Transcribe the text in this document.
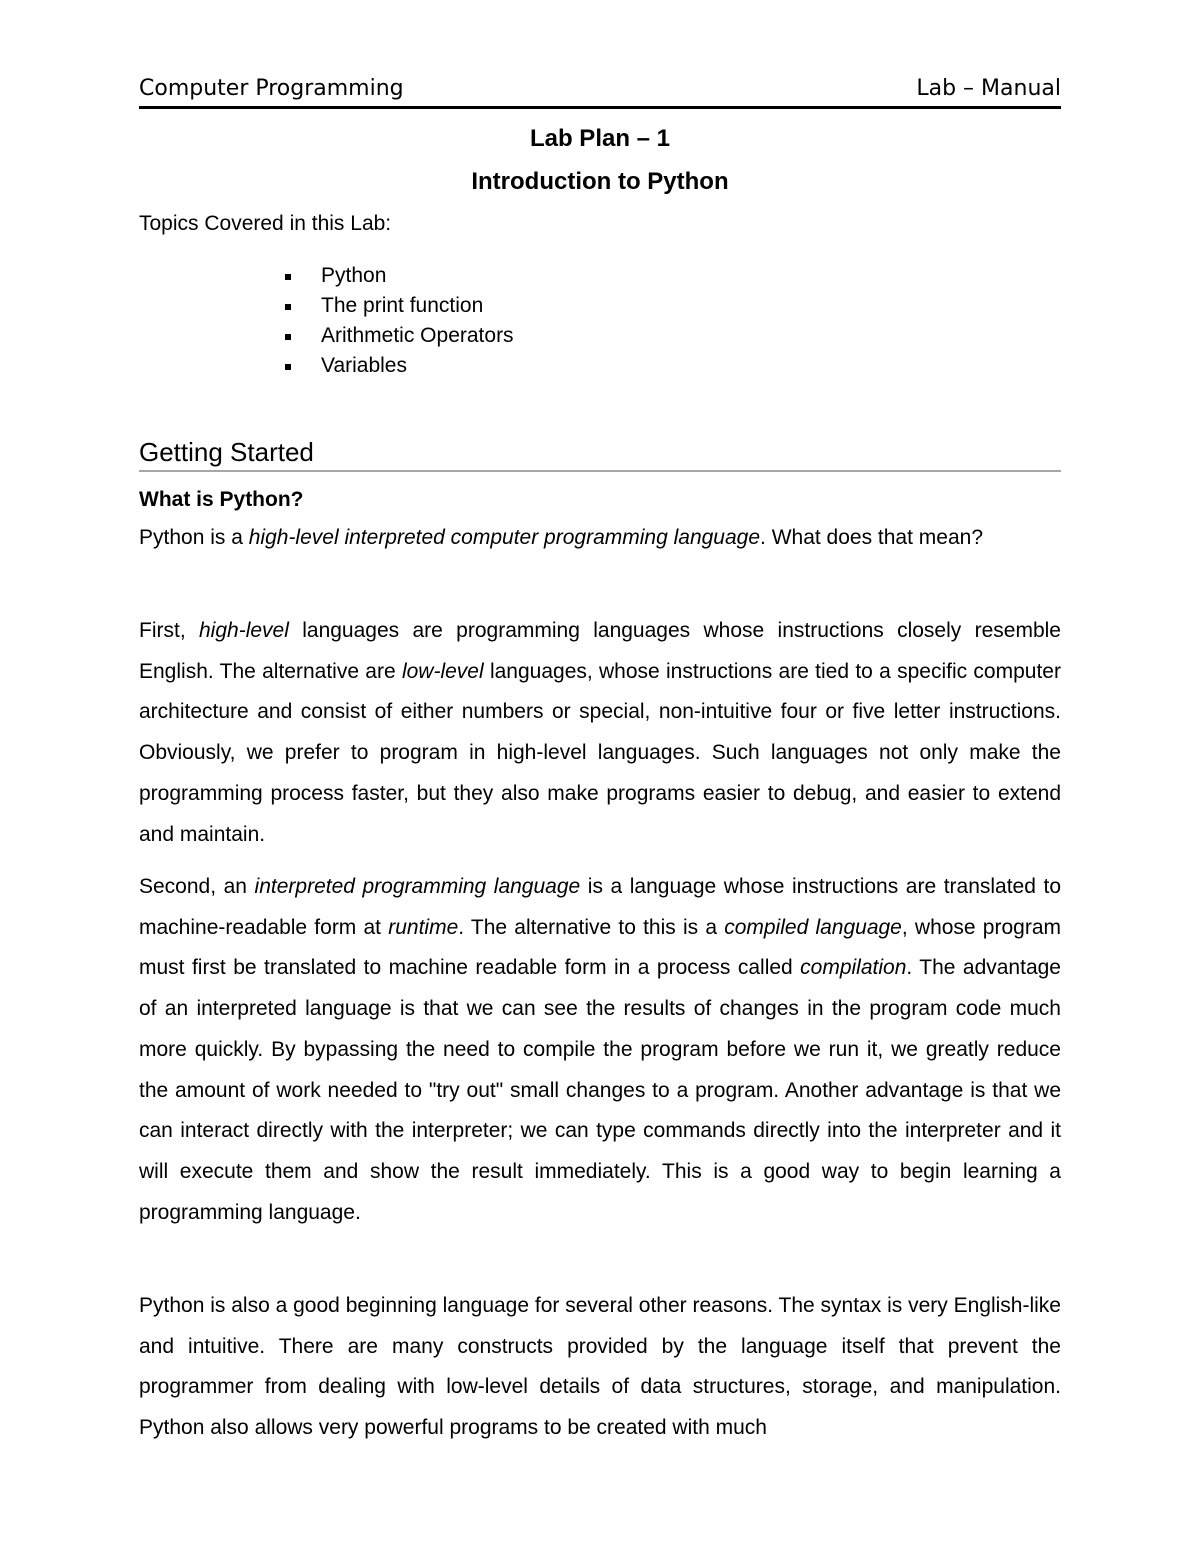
Computer Programming	Lab – Manual
Lab Plan – 1
Introduction to Python
Topics Covered in this Lab:
Python
The print function
Arithmetic Operators
Variables
Getting Started
What is Python?

Python is a high-level interpreted computer programming language. What does that mean?

First, high-level languages are programming languages whose instructions closely resemble English. The alternative are low-level languages, whose instructions are tied to a specific computer architecture and consist of either numbers or special, non-intuitive four or five letter instructions. Obviously, we prefer to program in high-level languages. Such languages not only make the programming process faster, but they also make programs easier to debug, and easier to extend and maintain.

Second, an interpreted programming language is a language whose instructions are translated to machine-readable form at runtime. The alternative to this is a compiled language, whose program must first be translated to machine readable form in a process called compilation. The advantage of an interpreted language is that we can see the results of changes in the program code much more quickly. By bypassing the need to compile the program before we run it, we greatly reduce the amount of work needed to "try out" small changes to a program. Another advantage is that we can interact directly with the interpreter; we can type commands directly into the interpreter and it will execute them and show the result immediately. This is a good way to begin learning a programming language.

Python is also a good beginning language for several other reasons. The syntax is very English-like and intuitive. There are many constructs provided by the language itself that prevent the programmer from dealing with low-level details of data structures, storage, and manipulation. Python also allows very powerful programs to be created with much
